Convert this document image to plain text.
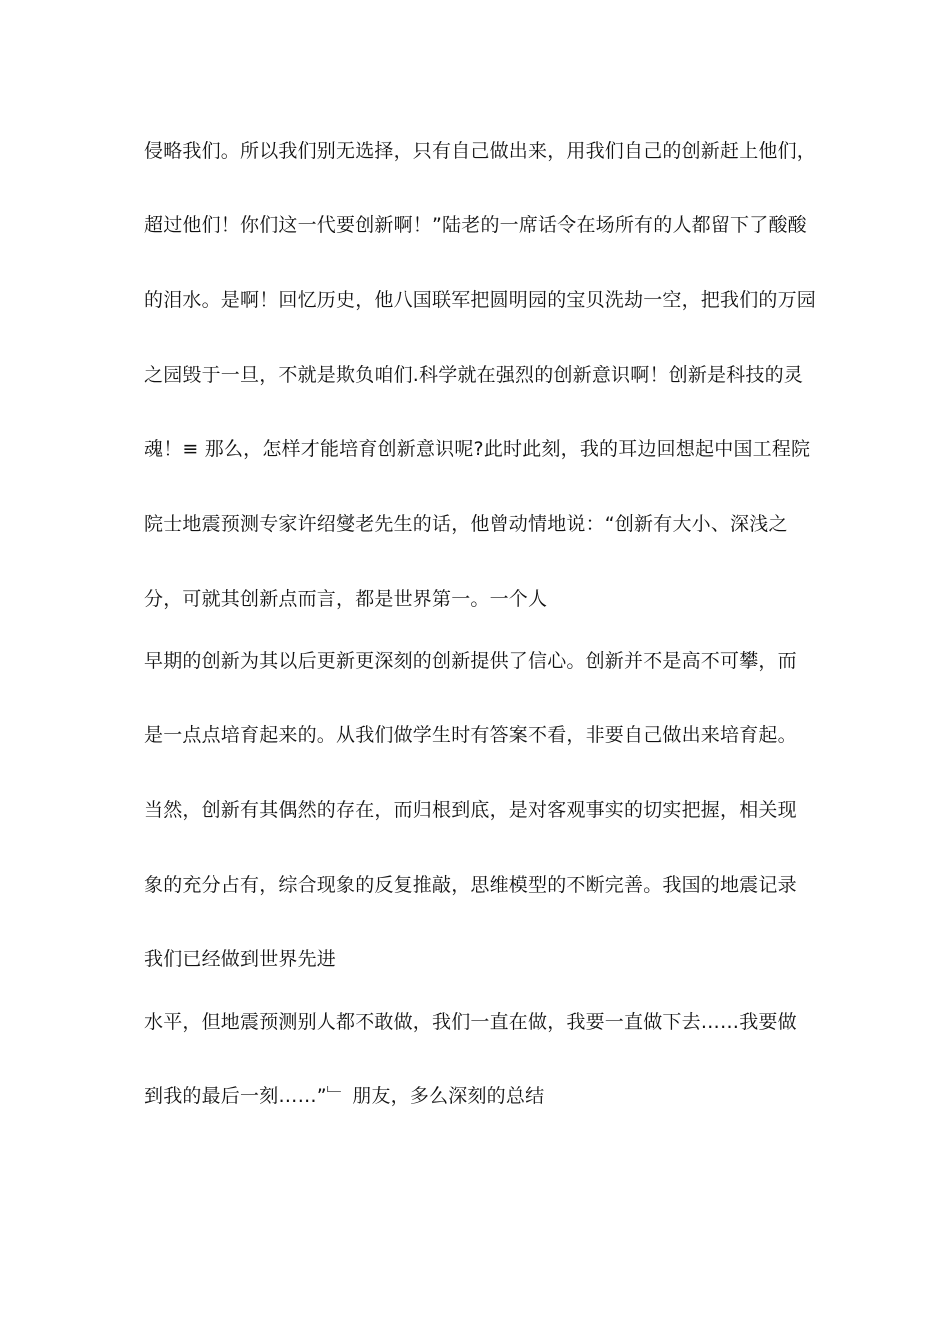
侵略我们。所以我们别无选择，只有自己做出来，用我们自己的创新赶上他们，
超过他们！你们这一代要创新啊！”陆老的一席话令在场所有的人都留下了酸酸
的泪水。是啊！回忆历史，他八国联军把圆明园的宝贝洗劫一空，把我们的万园
之园毁于一旦，不就是欺负咱们.科学就在强烈的创新意识啊！创新是科技的灵
魂！≡ 那么，怎样才能培育创新意识呢?此时此刻，我的耳边回想起中国工程院
院士地震预测专家许绍燮老先生的话，他曾动情地说：“创新有大小、深浅之
分，可就其创新点而言，都是世界第一。一个人
早期的创新为其以后更新更深刻的创新提供了信心。创新并不是高不可攀，而
是一点点培育起来的。从我们做学生时有答案不看，非要自己做出来培育起。
当然，创新有其偶然的存在，而归根到底，是对客观事实的切实把握，相关现
象的充分占有，综合现象的反复推敲，思维模型的不断完善。我国的地震记录
我们已经做到世界先进
水平，但地震预测别人都不敢做，我们一直在做，我要一直做下去……我要做
到我的最后一刻……”﹂ 朋友，多么深刻的总结
